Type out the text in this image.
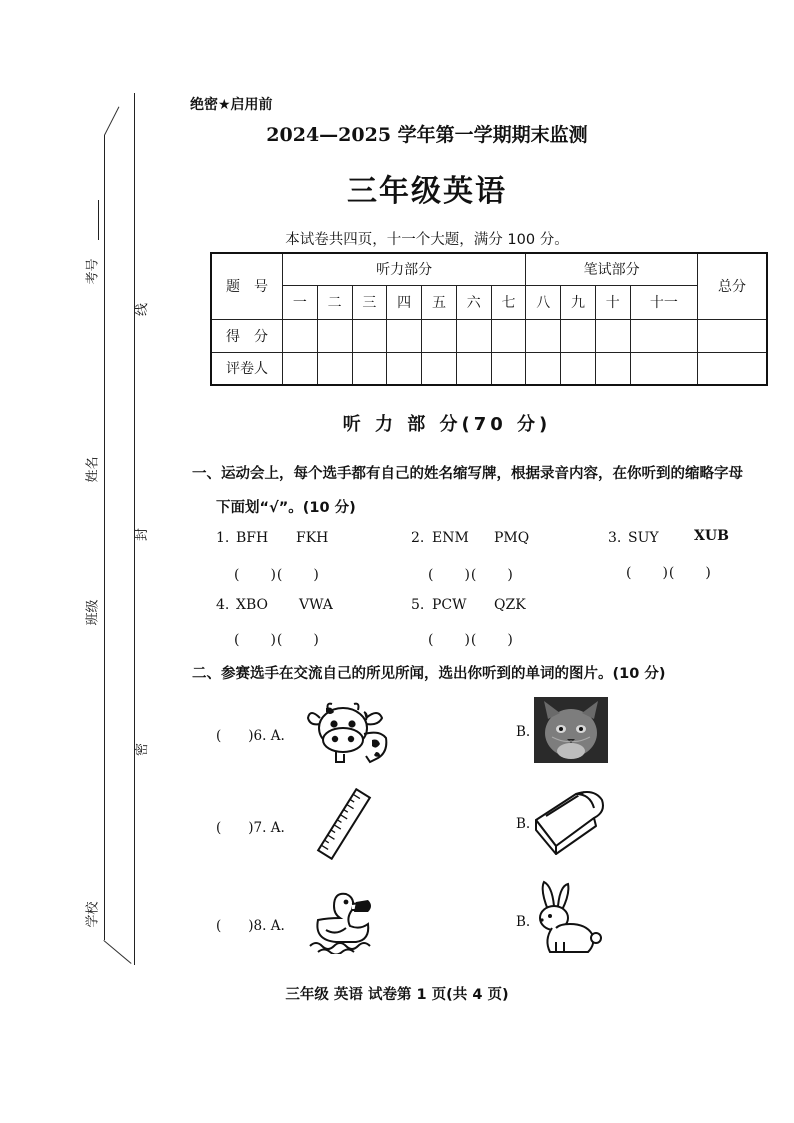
考号
姓名
班级
学校
线
封
密
绝密★启用前
2024—2025 学年第一学期期末监测
三年级英语
本试卷共四页，十一个大题，满分 100 分。
题　号	听力部分							笔试部分				总分
	一	二	三	四	五	六	七	八	九	十	十一	
得　分												
评卷人												
听 力 部 分(70 分)
一、运动会上，每个选手都有自己的姓名缩写牌，根据录音内容，在你听到的缩略字母
下面划“√”。(10 分)
1. BFH FKH
(　　)(　　)
2. ENM PMQ
(　　)(　　)
3. SUY	XUB
(　　)(　　)
4. XBO VWA
(　　)(　　)
5. PCW QZK
(　　)(　　)
二、参赛选手在交流自己的所见所闻，选出你听到的单词的图片。(10 分)
(　　)6. A.	B.
(　　)7. A.	B.
(　　)8. A.	B.
三年级 英语 试卷第 1 页(共 4 页)
